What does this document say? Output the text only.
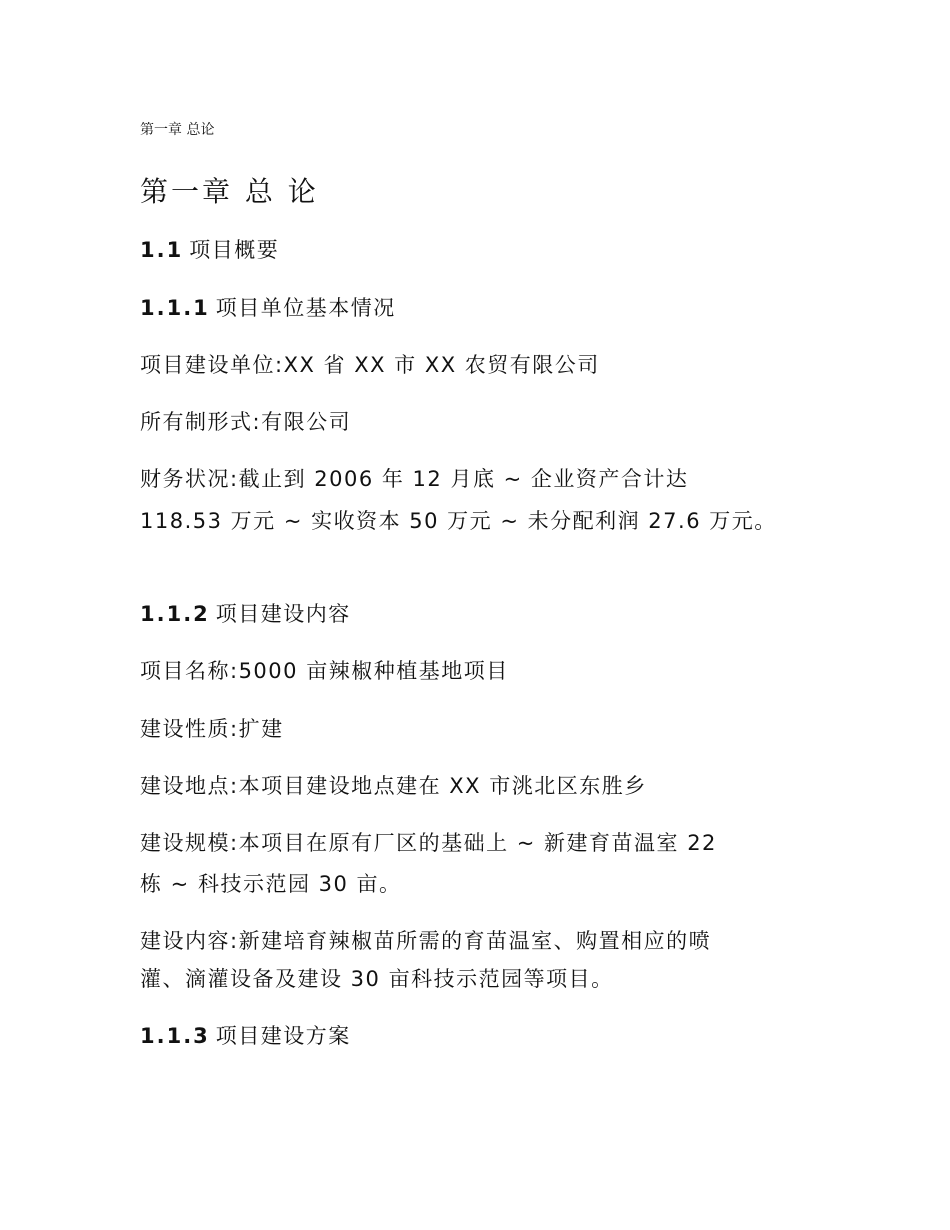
第一章 总论
第一章 总 论
1.1 项目概要
1.1.1 项目单位基本情况
项目建设单位:XX 省 XX 市 XX 农贸有限公司
所有制形式:有限公司
财务状况:截止到 2006 年 12 月底 ~ 企业资产合计达
118.53 万元 ~ 实收资本 50 万元 ~ 未分配利润 27.6 万元。
1.1.2 项目建设内容
项目名称:5000 亩辣椒种植基地项目
建设性质:扩建
建设地点:本项目建设地点建在 XX 市洮北区东胜乡
建设规模:本项目在原有厂区的基础上 ~ 新建育苗温室 22
栋 ~ 科技示范园 30 亩。
建设内容:新建培育辣椒苗所需的育苗温室、购置相应的喷
灌、滴灌设备及建设 30 亩科技示范园等项目。
1.1.3 项目建设方案
